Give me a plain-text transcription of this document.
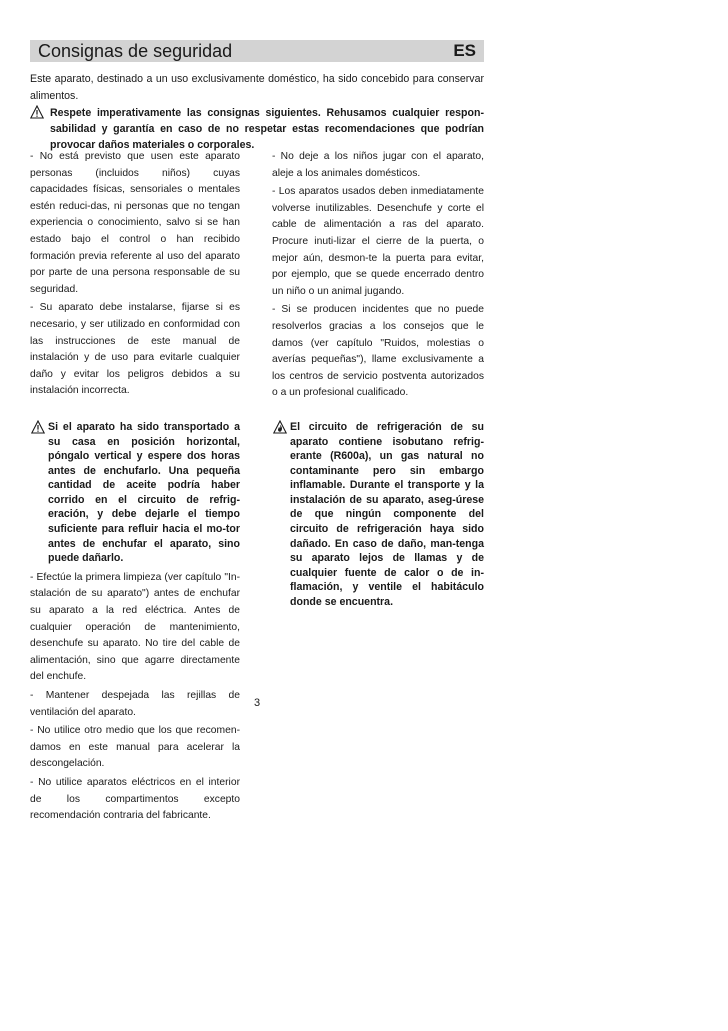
Consignas de seguridad	ES

Este aparato, destinado a un uso exclusivamente doméstico, ha sido concebido para conservar alimentos.

Respete imperativamente las consignas siguientes. Rehusamos cualquier respon-sabilidad y garantía en caso de no respetar estas recomendaciones que podrían provocar daños materiales o corporales.

- No está previsto que usen este aparato personas (incluidos niños) cuyas capacidades físicas, sensoriales o mentales estén reduci-das, ni personas que no tengan experiencia o conocimiento, salvo si se han estado bajo el control o han recibido formación previa referente al uso del aparato por parte de una persona responsable de su seguridad.

- Su aparato debe instalarse, fijarse si es necesario, y ser utilizado en conformidad con las instrucciones de este manual de instalación y de uso para evitarle cualquier daño y evitar los peligros debidos a su instalación incorrecta.

Si el aparato ha sido transportado a su casa en posición horizontal, póngalo vertical y espere dos horas antes de enchufarlo. Una pequeña cantidad de aceite podría haber corrido en el circuito de refrig-eración, y debe dejarle el tiempo suficiente para refluir hacia el mo-tor antes de enchufar el aparato, sino puede dañarlo.

- Efectúe la primera limpieza (ver capítulo "In-stalación de su aparato") antes de enchufar su aparato a la red eléctrica. Antes de cualquier operación de mantenimiento, desenchufe su aparato. No tire del cable de alimentación, sino que agarre directamente del enchufe.

- Mantener despejada las rejillas de ventilación del aparato.

- No utilice otro medio que los que recomen-damos en este manual para acelerar la descongelación.

- No utilice aparatos eléctricos en el interior de los compartimentos excepto recomendación contraria del fabricante.

- No deje a los niños jugar con el aparato, aleje a los animales domésticos.

- Los aparatos usados deben inmediatamente volverse inutilizables. Desenchufe y corte el cable de alimentación a ras del aparato. Procure inuti-lizar el cierre de la puerta, o mejor aún, desmon-te la puerta para evitar, por ejemplo, que se quede encerrado dentro un niño o un animal jugando.

- Si se producen incidentes que no puede resolverlos gracias a los consejos que le damos (ver capítulo "Ruidos, molestias o averías pequeñas"), llame exclusivamente a los centros de servicio postventa autorizados o a un profesional cualificado.

El circuito de refrigeración de su aparato contiene isobutano refrig-erante (R600a), un gas natural no contaminante pero sin embargo inflamable. Durante el transporte y la instalación de su aparato, aseg-úrese de que ningún componente del circuito de refrigeración haya sido dañado. En caso de daño, man-tenga su aparato lejos de llamas y de cualquier fuente de calor o de in-flamación, y ventile el habitáculo donde se encuentra.
3
